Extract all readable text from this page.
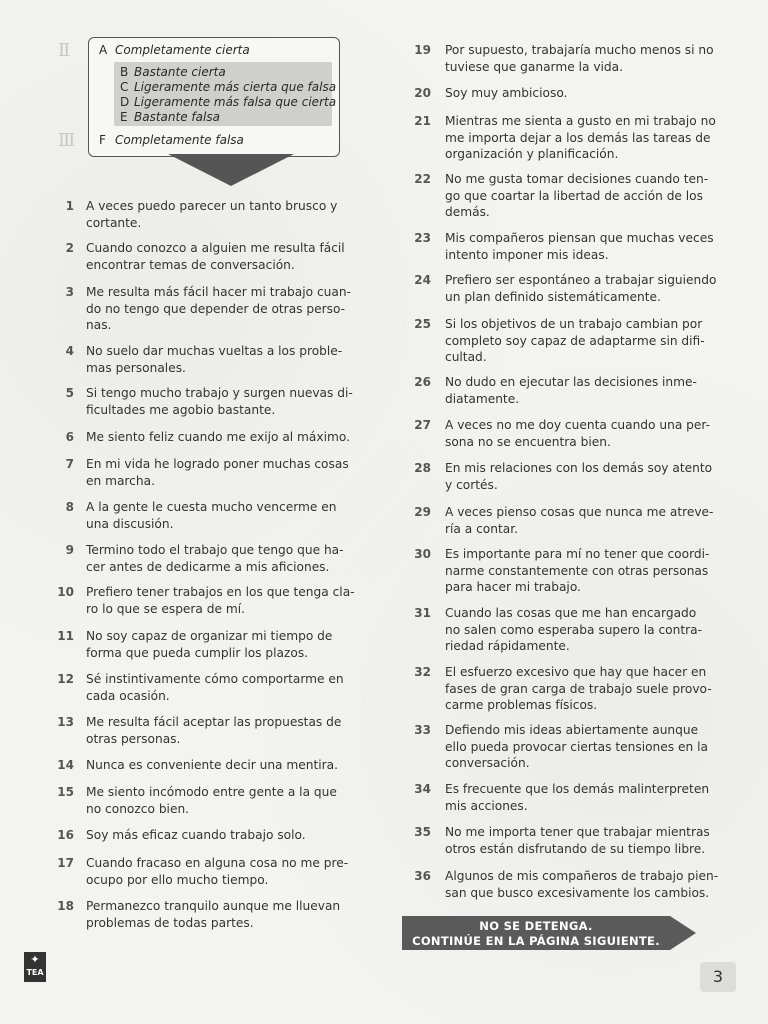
Ⅱ
Ⅲ
A Completamente cierta
B Bastante cierta
C Ligeramente más cierta que falsa
D Ligeramente más falsa que cierta
E Bastante falsa
F Completamente falsa
1 A veces puedo parecer un tanto brusco y
cortante.
2 Cuando conozco a alguien me resulta fácil
encontrar temas de conversación.
3 Me resulta más fácil hacer mi trabajo cuan-
do no tengo que depender de otras perso-
nas.
4 No suelo dar muchas vueltas a los proble-
mas personales.
5 Si tengo mucho trabajo y surgen nuevas di-
ficultades me agobio bastante.
6 Me siento feliz cuando me exijo al máximo.
7 En mi vida he logrado poner muchas cosas
en marcha.
8 A la gente le cuesta mucho vencerme en
una discusión.
9 Termino todo el trabajo que tengo que ha-
cer antes de dedicarme a mis aficiones.
10 Prefiero tener trabajos en los que tenga cla-
ro lo que se espera de mí.
11 No soy capaz de organizar mi tiempo de
forma que pueda cumplir los plazos.
12 Sé instintivamente cómo comportarme en
cada ocasión.
13 Me resulta fácil aceptar las propuestas de
otras personas.
14 Nunca es conveniente decir una mentira.
15 Me siento incómodo entre gente a la que
no conozco bien.
16 Soy más eficaz cuando trabajo solo.
17 Cuando fracaso en alguna cosa no me pre-
ocupo por ello mucho tiempo.
18 Permanezco tranquilo aunque me lluevan
problemas de todas partes.
19 Por supuesto, trabajaría mucho menos si no
tuviese que ganarme la vida.
20 Soy muy ambicioso.
21 Mientras me sienta a gusto en mi trabajo no
me importa dejar a los demás las tareas de
organización y planificación.
22 No me gusta tomar decisiones cuando ten-
go que coartar la libertad de acción de los
demás.
23 Mis compañeros piensan que muchas veces
intento imponer mis ideas.
24 Prefiero ser espontáneo a trabajar siguiendo
un plan definido sistemáticamente.
25 Si los objetivos de un trabajo cambian por
completo soy capaz de adaptarme sin difi-
cultad.
26 No dudo en ejecutar las decisiones inme-
diatamente.
27 A veces no me doy cuenta cuando una per-
sona no se encuentra bien.
28 En mis relaciones con los demás soy atento
y cortés.
29 A veces pienso cosas que nunca me atreve-
ría a contar.
30 Es importante para mí no tener que coordi-
narme constantemente con otras personas
para hacer mi trabajo.
31 Cuando las cosas que me han encargado
no salen como esperaba supero la contra-
riedad rápidamente.
32 El esfuerzo excesivo que hay que hacer en
fases de gran carga de trabajo suele provo-
carme problemas físicos.
33 Defiendo mis ideas abiertamente aunque
ello pueda provocar ciertas tensiones en la
conversación.
34 Es frecuente que los demás malinterpreten
mis acciones.
35 No me importa tener que trabajar mientras
otros están disfrutando de su tiempo libre.
36 Algunos de mis compañeros de trabajo pien-
san que busco excesivamente los cambios.
NO SE DETENGA.
CONTINÚE EN LA PÁGINA SIGUIENTE.
✦
TEA	3
